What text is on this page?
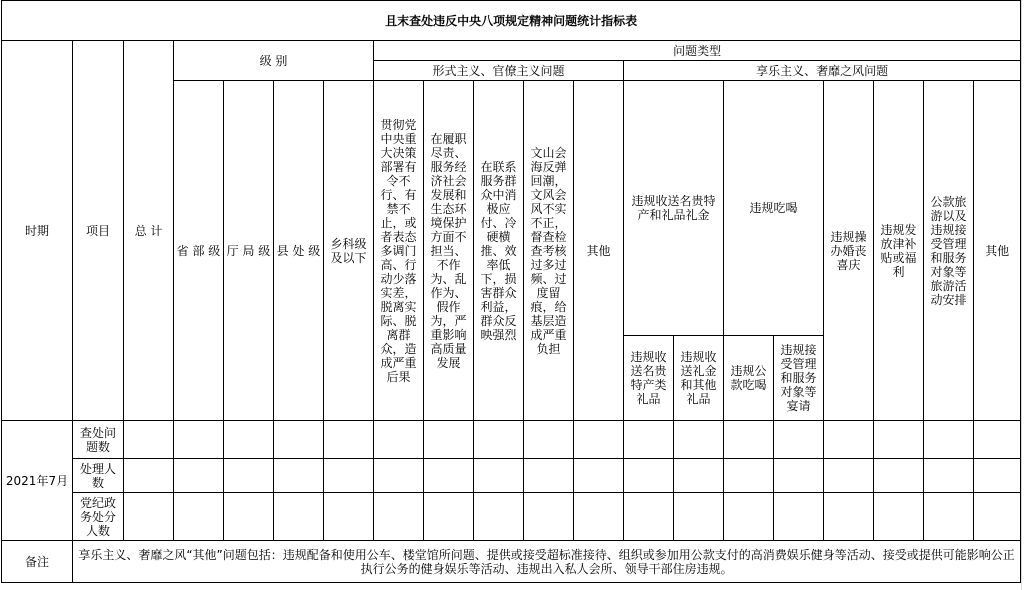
且末查处违反中央八项规定精神问题统计指标表																			
时期	项目	总 计	级 别				问题类型												
							形式主义、官僚主义问题					享乐主义、奢靡之风问题							
			省 部 级	厅 局 级	县 处 级	乡科级及以下	贯彻党中央重大决策部署有令不行、有禁不止，或者表态多调门高、行动少落实差，脱离实际、脱离群众，造成严重后果	在履职尽责、服务经济社会发展和生态环境保护方面不担当、不作为、乱作为、假作为，严重影响高质量发展	在联系服务群众中消极应付、冷硬横推、效率低下，损害群众利益，群众反映强烈	文山会海反弹回潮，文风会风不实不正，督查检查考核过多过频、过度留痕，给基层造成严重负担	其他	违规收送名贵特产和礼品礼金		违规吃喝		违规操办婚丧喜庆	违规发放津补贴或福利	公款旅游以及违规接受管理和服务对象等旅游活动安排	其他

												违规收送名贵特产类礼品	违规收送礼金和其他礼品	违规公款吃喝	违规接受管理和服务对象等宴请				
2021年7月	查处问题数																		
	处理人数																		
	党纪政务处分人数																		
备注	享乐主义、奢靡之风“其他”问题包括：违规配备和使用公车、楼堂馆所问题、提供或接受超标准接待、组织或参加用公款支付的高消费娱乐健身等活动、接受或提供可能影响公正执行公务的健身娱乐等活动、违规出入私人会所、领导干部住房违规。																		
